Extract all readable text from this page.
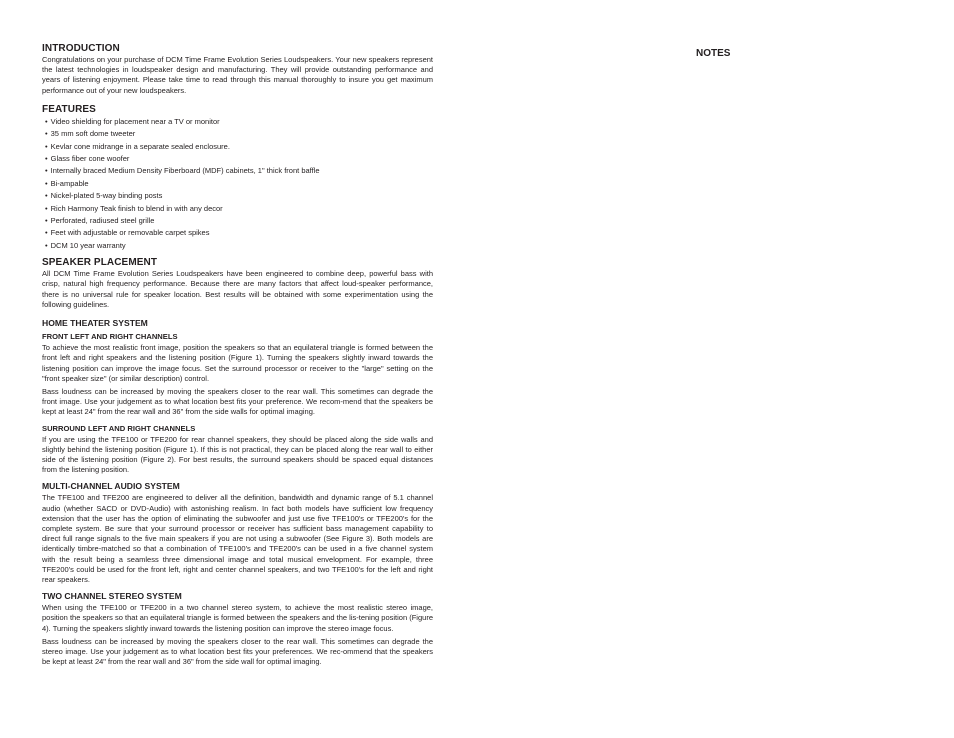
INTRODUCTION

Congratulations on your purchase of DCM Time Frame Evolution Series Loudspeakers. Your new speakers represent the latest technologies in loudspeaker design and manufacturing. They will provide outstanding performance and years of listening enjoyment. Please take time to read through this manual thoroughly to insure you get maximum performance out of your new loudspeakers.

FEATURES
• Video shielding for placement near a TV or monitor
• 35 mm soft dome tweeter
• Kevlar cone midrange in a separate sealed enclosure.
• Glass fiber cone woofer
• Internally braced Medium Density Fiberboard (MDF) cabinets, 1" thick front baffle
• Bi-ampable
• Nickel-plated 5-way binding posts
• Rich Harmony Teak finish to blend in with any decor
• Perforated, radiused steel grille
• Feet with adjustable or removable carpet spikes
• DCM 10 year warranty
SPEAKER PLACEMENT

All DCM Time Frame Evolution Series Loudspeakers have been engineered to combine deep, powerful bass with crisp, natural high frequency performance. Because there are many factors that affect loud-speaker performance, there is no universal rule for speaker location. Best results will be obtained with some experimentation using the following guidelines.

HOME THEATER SYSTEM
FRONT LEFT AND RIGHT CHANNELS

To achieve the most realistic front image, position the speakers so that an equilateral triangle is formed between the front left and right speakers and the listening position (Figure 1). Turning the speakers slightly inward towards the listening position can improve the image focus. Set the surround processor or receiver to the "large" setting on the "front speaker size" (or similar description) control.

Bass loudness can be increased by moving the speakers closer to the rear wall. This sometimes can degrade the front image. Use your judgement as to what location best fits your preference. We recom-mend that the speakers be kept at least 24" from the rear wall and 36" from the side walls for optimal imaging.

SURROUND LEFT AND RIGHT CHANNELS

If you are using the TFE100 or TFE200 for rear channel speakers, they should be placed along the side walls and slightly behind the listening position (Figure 1). If this is not practical, they can be placed along the rear wall to either side of the listening position (Figure 2). For best results, the surround speakers should be spaced equal distances from the listening position.

MULTI-CHANNEL AUDIO SYSTEM

The TFE100 and TFE200 are engineered to deliver all the definition, bandwidth and dynamic range of 5.1 channel audio (whether SACD or DVD-Audio) with astonishing realism. In fact both models have sufficient low frequency extension that the user has the option of eliminating the subwoofer and just use five TFE100's or TFE200's for the complete system. Be sure that your surround processor or receiver has sufficient bass management capability to direct full range signals to the five main speakers if you are not using a subwoofer (See Figure 3). Both models are identically timbre-matched so that a combination of TFE100's and TFE200's can be used in a five channel system with the result being a seamless three dimensional image and total musical envelopment. For example, three TFE200's could be used for the front left, right and center channel speakers, and two TFE100's for the left and right rear speakers.

TWO CHANNEL STEREO SYSTEM

When using the TFE100 or TFE200 in a two channel stereo system, to achieve the most realistic stereo image, position the speakers so that an equilateral triangle is formed between the speakers and the lis-tening position (Figure 4). Turning the speakers slightly inward towards the listening position can improve the stereo image focus.

Bass loudness can be increased by moving the speakers closer to the rear wall. This sometimes can degrade the stereo image. Use your judgement as to what location best fits your preferences. We rec-ommend that the speakers be kept at least 24" from the rear wall and 36" from the side wall for optimal imaging.

NOTES
